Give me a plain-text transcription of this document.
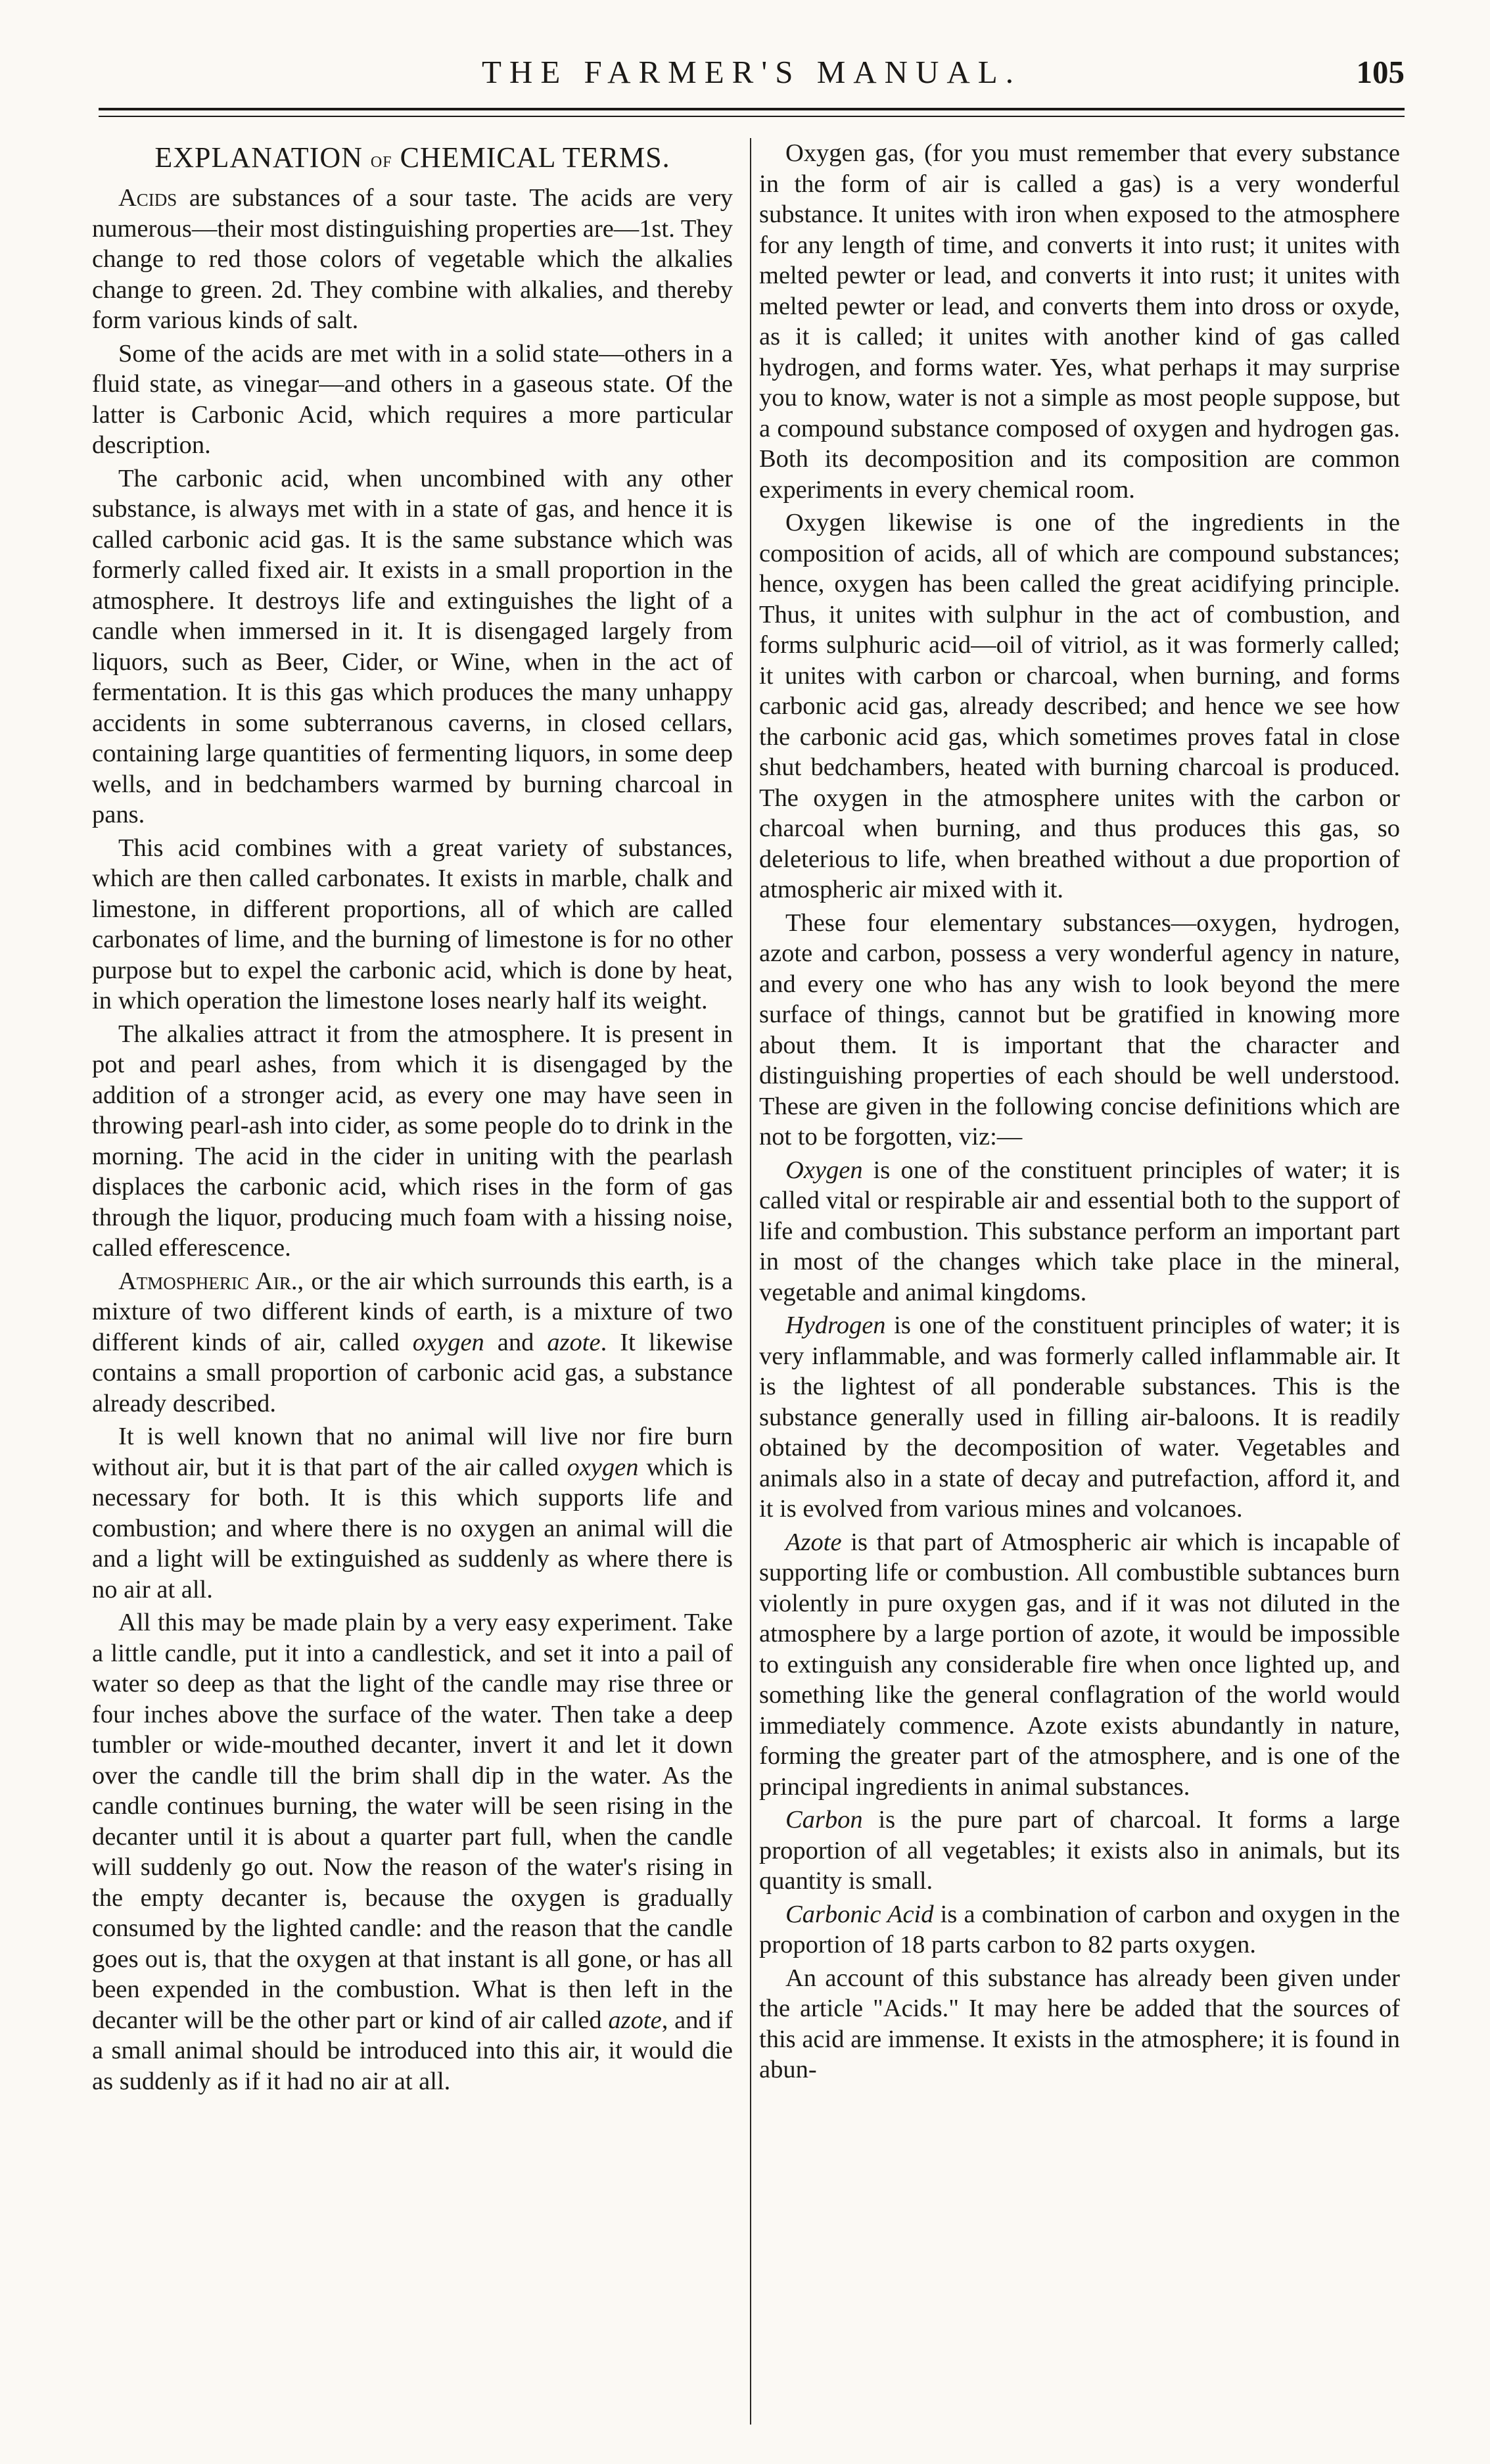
THE FARMER'S MANUAL.	105
EXPLANATION of CHEMICAL TERMS.

Acids are substances of a sour taste. The acids are very numerous—their most distinguishing properties are—1st. They change to red those colors of vegetable which the alkalies change to green. 2d. They combine with alkalies, and thereby form various kinds of salt.

Some of the acids are met with in a solid state—others in a fluid state, as vinegar—and others in a gaseous state. Of the latter is Carbonic Acid, which requires a more particular description.

The carbonic acid, when uncombined with any other substance, is always met with in a state of gas, and hence it is called carbonic acid gas. It is the same substance which was formerly called fixed air. It exists in a small proportion in the atmosphere. It destroys life and extinguishes the light of a candle when immersed in it. It is disengaged largely from liquors, such as Beer, Cider, or Wine, when in the act of fermentation. It is this gas which produces the many unhappy accidents in some subterranous caverns, in closed cellars, containing large quantities of fermenting liquors, in some deep wells, and in bedchambers warmed by burning charcoal in pans.

This acid combines with a great variety of substances, which are then called carbonates. It exists in marble, chalk and limestone, in different proportions, all of which are called carbonates of lime, and the burning of limestone is for no other purpose but to expel the carbonic acid, which is done by heat, in which operation the limestone loses nearly half its weight.

The alkalies attract it from the atmosphere. It is present in pot and pearl ashes, from which it is disengaged by the addition of a stronger acid, as every one may have seen in throwing pearl-ash into cider, as some people do to drink in the morning. The acid in the cider in uniting with the pearlash displaces the carbonic acid, which rises in the form of gas through the liquor, producing much foam with a hissing noise, called efferescence.

Atmospheric Air., or the air which surrounds this earth, is a mixture of two different kinds of earth, is a mixture of two different kinds of air, called oxygen and azote. It likewise contains a small proportion of carbonic acid gas, a substance already described.

It is well known that no animal will live nor fire burn without air, but it is that part of the air called oxygen which is necessary for both. It is this which supports life and combustion; and where there is no oxygen an animal will die and a light will be extinguished as suddenly as where there is no air at all.

All this may be made plain by a very easy experiment. Take a little candle, put it into a candlestick, and set it into a pail of water so deep as that the light of the candle may rise three or four inches above the surface of the water. Then take a deep tumbler or wide-mouthed decanter, invert it and let it down over the candle till the brim shall dip in the water. As the candle continues burning, the water will be seen rising in the decanter until it is about a quarter part full, when the candle will suddenly go out. Now the reason of the water's rising in the empty decanter is, because the oxygen is gradually consumed by the lighted candle: and the reason that the candle goes out is, that the oxygen at that instant is all gone, or has all been expended in the combustion. What is then left in the decanter will be the other part or kind of air called azote, and if a small animal should be introduced into this air, it would die as suddenly as if it had no air at all.

Oxygen gas, (for you must remember that every substance in the form of air is called a gas) is a very wonderful substance. It unites with iron when exposed to the atmosphere for any length of time, and converts it into rust; it unites with melted pewter or lead, and converts it into rust; it unites with melted pewter or lead, and converts them into dross or oxyde, as it is called; it unites with another kind of gas called hydrogen, and forms water. Yes, what perhaps it may surprise you to know, water is not a simple as most people suppose, but a compound substance composed of oxygen and hydrogen gas. Both its decomposition and its composition are common experiments in every chemical room.

Oxygen likewise is one of the ingredients in the composition of acids, all of which are compound substances; hence, oxygen has been called the great acidifying principle. Thus, it unites with sulphur in the act of combustion, and forms sulphuric acid—oil of vitriol, as it was formerly called; it unites with carbon or charcoal, when burning, and forms carbonic acid gas, already described; and hence we see how the carbonic acid gas, which sometimes proves fatal in close shut bedchambers, heated with burning charcoal is produced. The oxygen in the atmosphere unites with the carbon or charcoal when burning, and thus produces this gas, so deleterious to life, when breathed without a due proportion of atmospheric air mixed with it.

These four elementary substances—oxygen, hydrogen, azote and carbon, possess a very wonderful agency in nature, and every one who has any wish to look beyond the mere surface of things, cannot but be gratified in knowing more about them. It is important that the character and distinguishing properties of each should be well understood. These are given in the following concise definitions which are not to be forgotten, viz:—

Oxygen is one of the constituent principles of water; it is called vital or respirable air and essential both to the support of life and combustion. This substance perform an important part in most of the changes which take place in the mineral, vegetable and animal kingdoms.

Hydrogen is one of the constituent principles of water; it is very inflammable, and was formerly called inflammable air. It is the lightest of all ponderable substances. This is the substance generally used in filling air-baloons. It is readily obtained by the decomposition of water. Vegetables and animals also in a state of decay and putrefaction, afford it, and it is evolved from various mines and volcanoes.

Azote is that part of Atmospheric air which is incapable of supporting life or combustion. All combustible subtances burn violently in pure oxygen gas, and if it was not diluted in the atmosphere by a large portion of azote, it would be impossible to extinguish any considerable fire when once lighted up, and something like the general conflagration of the world would immediately commence. Azote exists abundantly in nature, forming the greater part of the atmosphere, and is one of the principal ingredients in animal substances.

Carbon is the pure part of charcoal. It forms a large proportion of all vegetables; it exists also in animals, but its quantity is small.

Carbonic Acid is a combination of carbon and oxygen in the proportion of 18 parts carbon to 82 parts oxygen.

An account of this substance has already been given under the article "Acids." It may here be added that the sources of this acid are immense. It exists in the atmosphere; it is found in abun-
